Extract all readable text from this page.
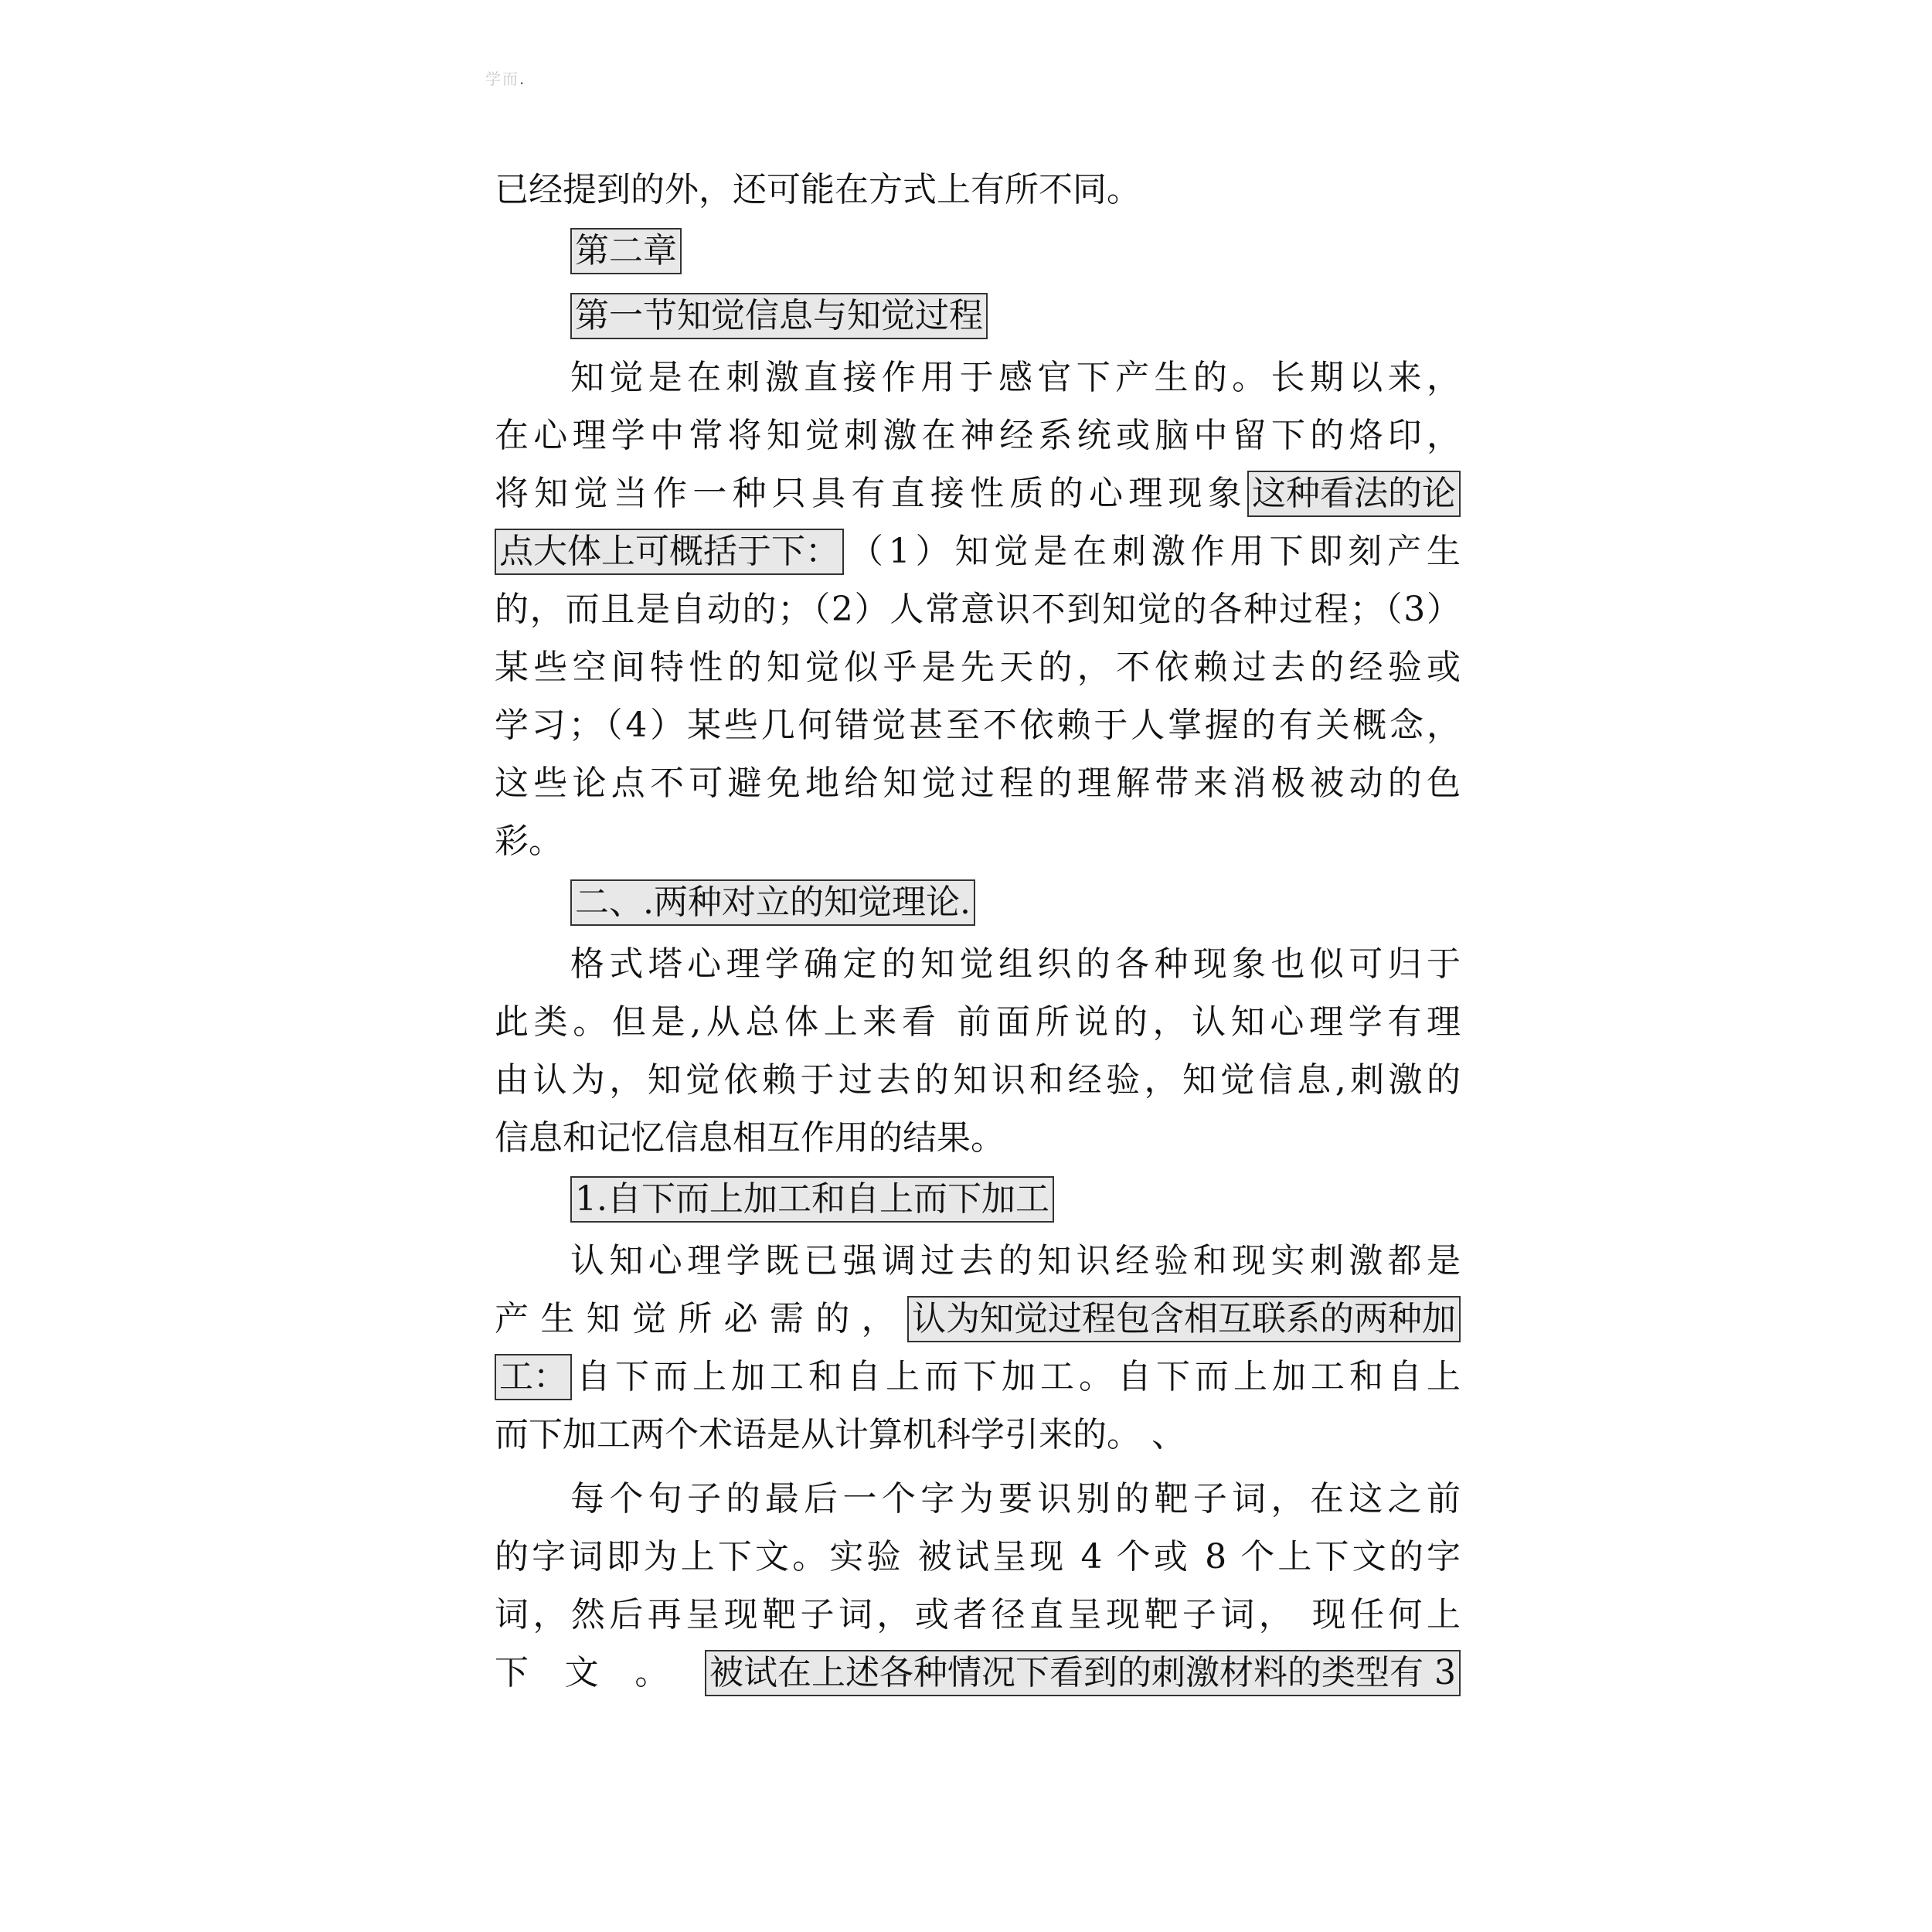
学而.
已经提到的外，还可能在方式上有所不同。
第二章
第一节知觉信息与知觉过程
知觉是在刺激直接作用于感官下产生的。长期以来，
在心理学中常将知觉刺激在神经系统或脑中留下的烙印，
将知觉当作一种只具有直接性质的心理现象 这种看法的论
点大体上可概括于下： （1）知觉是在刺激作用下即刻产生
的，而且是自动的；（2）人常意识不到知觉的各种过程；（3）
某些空间特性的知觉似乎是先天的，不依赖过去的经验或
学习；（4）某些几何错觉甚至不依赖于人掌握的有关概念，
这些论点不可避免地给知觉过程的理解带来消极被动的色
彩。
二、.两种对立的知觉理论.
格式塔心理学确定的知觉组织的各种现象也似可归于
此类。但是,从总体上来看 前面所说的，认知心理学有理
由认为，知觉依赖于过去的知识和经验，知觉信息,刺激的
信息和记忆信息相互作用的结果。
1.自下而上加工和自上而下加工
认知心理学既已强调过去的知识经验和现实刺激都是
产生知觉所必需的， 认为知觉过程包含相互联系的两种加
工： 自下而上加工和自上而下加工。自下而上加工和自上
而下加工两个术语是从计算机科学引来的。 、
每个句子的最后一个字为要识别的靶子词，在这之前
的字词即为上下文。实验 被试呈现 4 个或 8 个上下文的字
词，然后再呈现靶子词，或者径直呈现靶子词， 现任何上
下文。 被试在上述各种情况下看到的刺激材料的类型有 3
